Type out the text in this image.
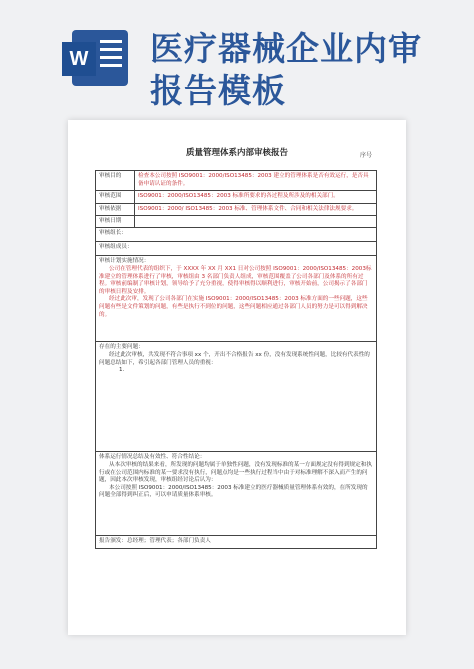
W 医疗器械企业内审
报告模板
质量管理体系内部审核报告	序号
审核目的	检查本公司按照 ISO9001：2000/ISO13485：2003 建立的管理体系是否有效运行，是否具备申请认证的条件。
审核范围	ISO9001：2000/ISO13485：2003 标准所要求的各过程及所涉及的相关部门。
审核依据	ISO9001：2000/ ISO13485：2003 标准、管理体系文件、合同和相关法律法规要求。
审核日期
审核组长：
审核组成员：
审核计划实施情况：
公司在管理代表的组织下，于 XXXX 年 XX 月 XX1 日对公司按照 ISO9001：2000/ISO13485：2003标准建立的管理体系进行了审核，审核组由 3 名部门负责人组成，审核范围覆盖了公司各部门及体系的所有过程。审核前编制了审核计划，领导给予了充分重视，使得审核得以顺利进行，审核开始前，公司揭示了各部门的审核日程及安排。
经过此次审，发现了公司各部门在实施 ISO9001：2000/ISO13485：2003 标准方面的一些问题，这些问题有些是文件策划的问题，有些是执行不到位的问题，这些问题相应通过各部门人员的努力是可以得到解决的。
存在的主要问题：
经过此次审核，共发现不符合事项 xx 个，开出不合格报告 xx 份，没有发现系统性问题，比较有代表性的问题总结如下，希引起各部门管理人员的重视：
1.
体系运行情况总结及有效性、符合性结论：
从本次审核的结果来看，所发现的问题均属于单独性问题，没有发现标准的某一方面规定没有得到规定和执行或在公司范围内标准的某一要求没有执行，问题点均是一些执行过程当中由于对标准理解不深入而产生的问题，因此本次审核发现，审核组经讨论后认为：
本公司按照 ISO9001：2000/ISO13485：2003 标准建立的医疗器械质量管理体系有效的，在所发现的问题全部得到纠正后，可以申请质量体系审核。
报告颁发：总经理；管理代表；各部门负责人
